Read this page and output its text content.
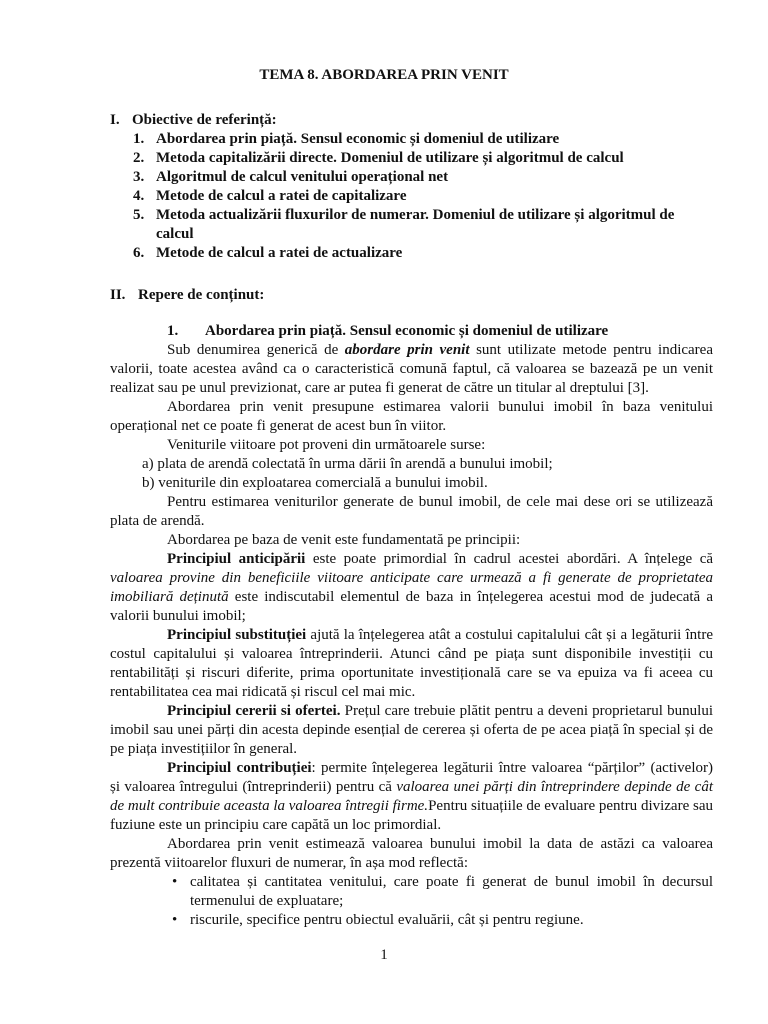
TEMA 8. ABORDAREA PRIN VENIT
I. Obiective de referință:
1. Abordarea prin piață. Sensul economic și domeniul de utilizare
2. Metoda capitalizării directe. Domeniul de utilizare și algoritmul de calcul
3. Algoritmul de calcul venitului operațional net
4. Metode de calcul a ratei de capitalizare
5. Metoda actualizării fluxurilor de numerar. Domeniul de utilizare și algoritmul de calcul
6. Metode de calcul a ratei de actualizare
II. Repere de conținut:

1. Abordarea prin piață. Sensul economic și domeniul de utilizare

Sub denumirea generică de abordare prin venit sunt utilizate metode pentru indicarea valorii, toate acestea având ca o caracteristică comună faptul, că valoarea se bazează pe un venit realizat sau pe unul previzionat, care ar putea fi generat de către un titular al dreptului [3].

Abordarea prin venit presupune estimarea valorii bunului imobil în baza venitului operațional net ce poate fi generat de acest bun în viitor.

Veniturile viitoare pot proveni din următoarele surse:

a) plata de arendă colectată în urma dării în arendă a bunului imobil;

b) veniturile din exploatarea comercială a bunului imobil.

Pentru estimarea veniturilor generate de bunul imobil, de cele mai dese ori se utilizează plata de arendă.

Abordarea pe baza de venit este fundamentată pe principii:

Principiul anticipării este poate primordial în cadrul acestei abordări. A înțelege că valoarea provine din beneficiile viitoare anticipate care urmează a fi generate de proprietatea imobiliară deținută este indiscutabil elementul de baza in înțelegerea acestui mod de judecată a valorii bunului imobil;

Principiul substituției ajută la înțelegerea atât a costului capitalului cât și a legăturii între costul capitalului și valoarea întreprinderii. Atunci când pe piața sunt disponibile investiții cu rentabilități și riscuri diferite, prima oportunitate investițională care se va epuiza va fi aceea cu rentabilitatea cea mai ridicată și riscul cel mai mic.

Principiul cererii si ofertei. Prețul care trebuie plătit pentru a deveni proprietarul bunului imobil sau unei părți din acesta depinde esențial de cererea și oferta de pe acea piață în special și de pe piața investițiilor în general.

Principiul contribuției: permite înțelegerea legăturii între valoarea “părților” (activelor) și valoarea întregului (întreprinderii) pentru că valoarea unei părți din întreprindere depinde de cât de mult contribuie aceasta la valoarea întregii firme.Pentru situațiile de evaluare pentru divizare sau fuziune este un principiu care capătă un loc primordial.

Abordarea prin venit estimează valoarea bunului imobil la data de astăzi ca valoarea prezentă viitoarelor fluxuri de numerar, în așa mod reflectă:

• calitatea și cantitatea venitului, care poate fi generat de bunul imobil în decursul termenului de expluatare;
• riscurile, specifice pentru obiectul evaluării, cât și pentru regiune.
1
